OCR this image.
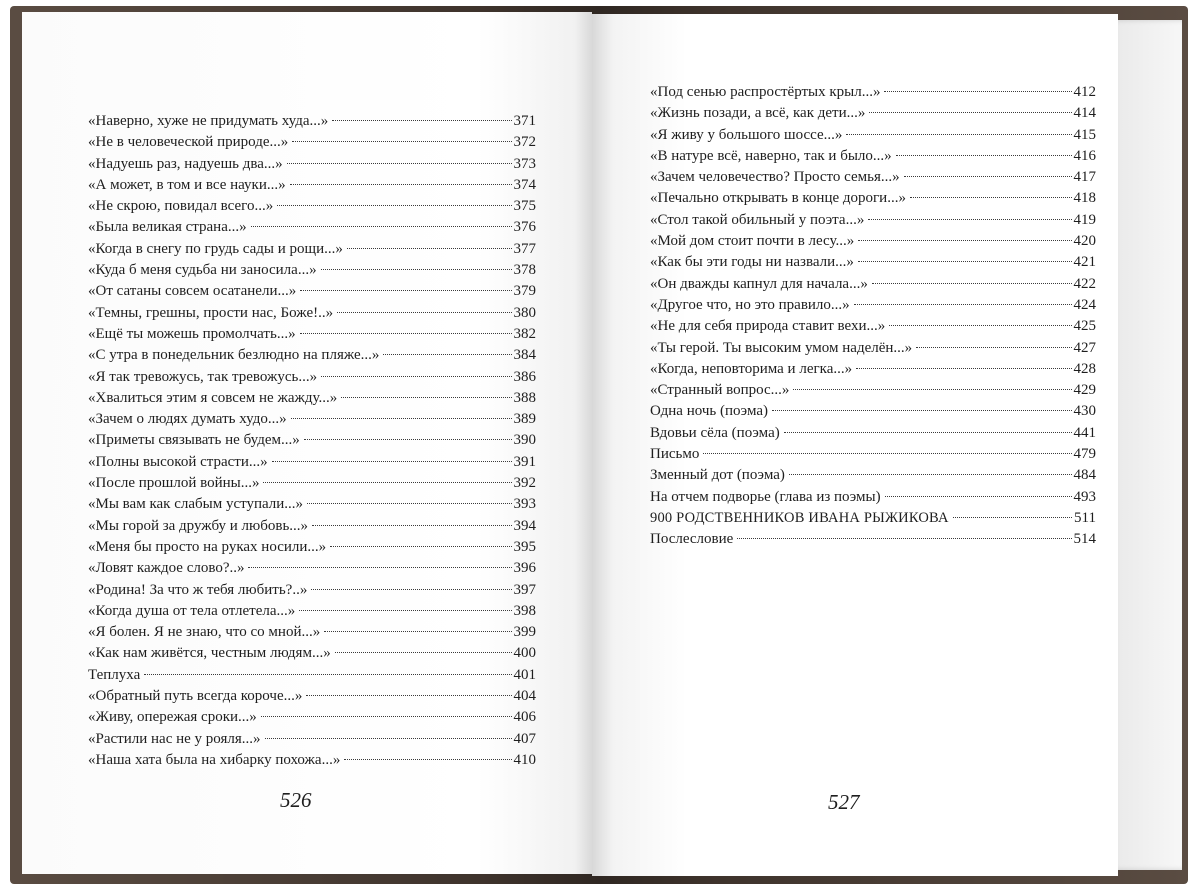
«Наверно, хуже не придумать худа...»	371
«Не в человеческой природе...»	372
«Надуешь раз, надуешь два...»	373
«А может, в том и все науки...»	374
«Не скрою, повидал всего...»	375
«Была великая страна...»	376
«Когда в снегу по грудь сады и рощи...»	377
«Куда б меня судьба ни заносила...»	378
«От сатаны совсем осатанели...»	379
«Темны, грешны, прости нас, Боже!..»	380
«Ещё ты можешь промолчать...»	382
«С утра в понедельник безлюдно на пляже...»	384
«Я так тревожусь, так тревожусь...»	386
«Хвалиться этим я совсем не жажду...»	388
«Зачем о людях думать худо...»	389
«Приметы связывать не будем...»	390
«Полны высокой страсти...»	391
«После прошлой войны...»	392
«Мы вам как слабым уступали...»	393
«Мы горой за дружбу и любовь...»	394
«Меня бы просто на руках носили...»	395
«Ловят каждое слово?..»	396
«Родина! За что ж тебя любить?..»	397
«Когда душа от тела отлетела...»	398
«Я болен. Я не знаю, что со мной...»	399
«Как нам живётся, честным людям...»	400
Теплуха	401
«Обратный путь всегда короче...»	404
«Живу, опережая сроки...»	406
«Растили нас не у рояля...»	407
«Наша хата была на хибарку похожа...»	410
526
«Под сенью распростёртых крыл...»	412
«Жизнь позади, а всё, как дети...»	414
«Я живу у большого шоссе...»	415
«В натуре всё, наверно, так и было...»	416
«Зачем человечество? Просто семья...»	417
«Печально открывать в конце дороги...»	418
«Стол такой обильный у поэта...»	419
«Мой дом стоит почти в лесу...»	420
«Как бы эти годы ни назвали...»	421
«Он дважды капнул для начала...»	422
«Другое что, но это правило...»	424
«Не для себя природа ставит вехи...»	425
«Ты герой. Ты высоким умом наделён...»	427
«Когда, неповторима и легка...»	428
«Странный вопрос...»	429
Одна ночь (поэма)	430
Вдовьи сёла (поэма)	441
Письмо	479
Зменный дот (поэма)	484
На отчем подворье (глава из поэмы)	493
900 РОДСТВЕННИКОВ ИВАНА РЫЖИКОВА	511
Послесловие	514
527
